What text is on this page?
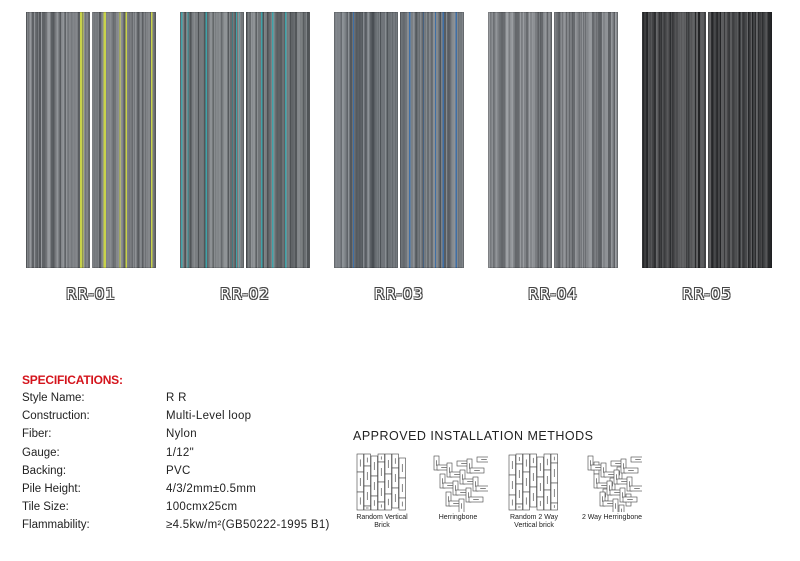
RR-01	RR-02	RR-03	RR-04	RR-05
SPECIFICATIONS:
Style Name:	R R
Construction:	Multi-Level loop
Fiber:	Nylon
Gauge:	1/12"
Backing:	PVC
Pile Height:	4/3/2mm±0.5mm
Tile Size:	100cmx25cm
Flammability:	≥4.5kw/m²(GB50222-1995 B1)
APPROVED INSTALLATION METHODS
Random Vertical
Brick
Herringbone	Random 2 Way
Vertical brick
2 Way Herringbone
